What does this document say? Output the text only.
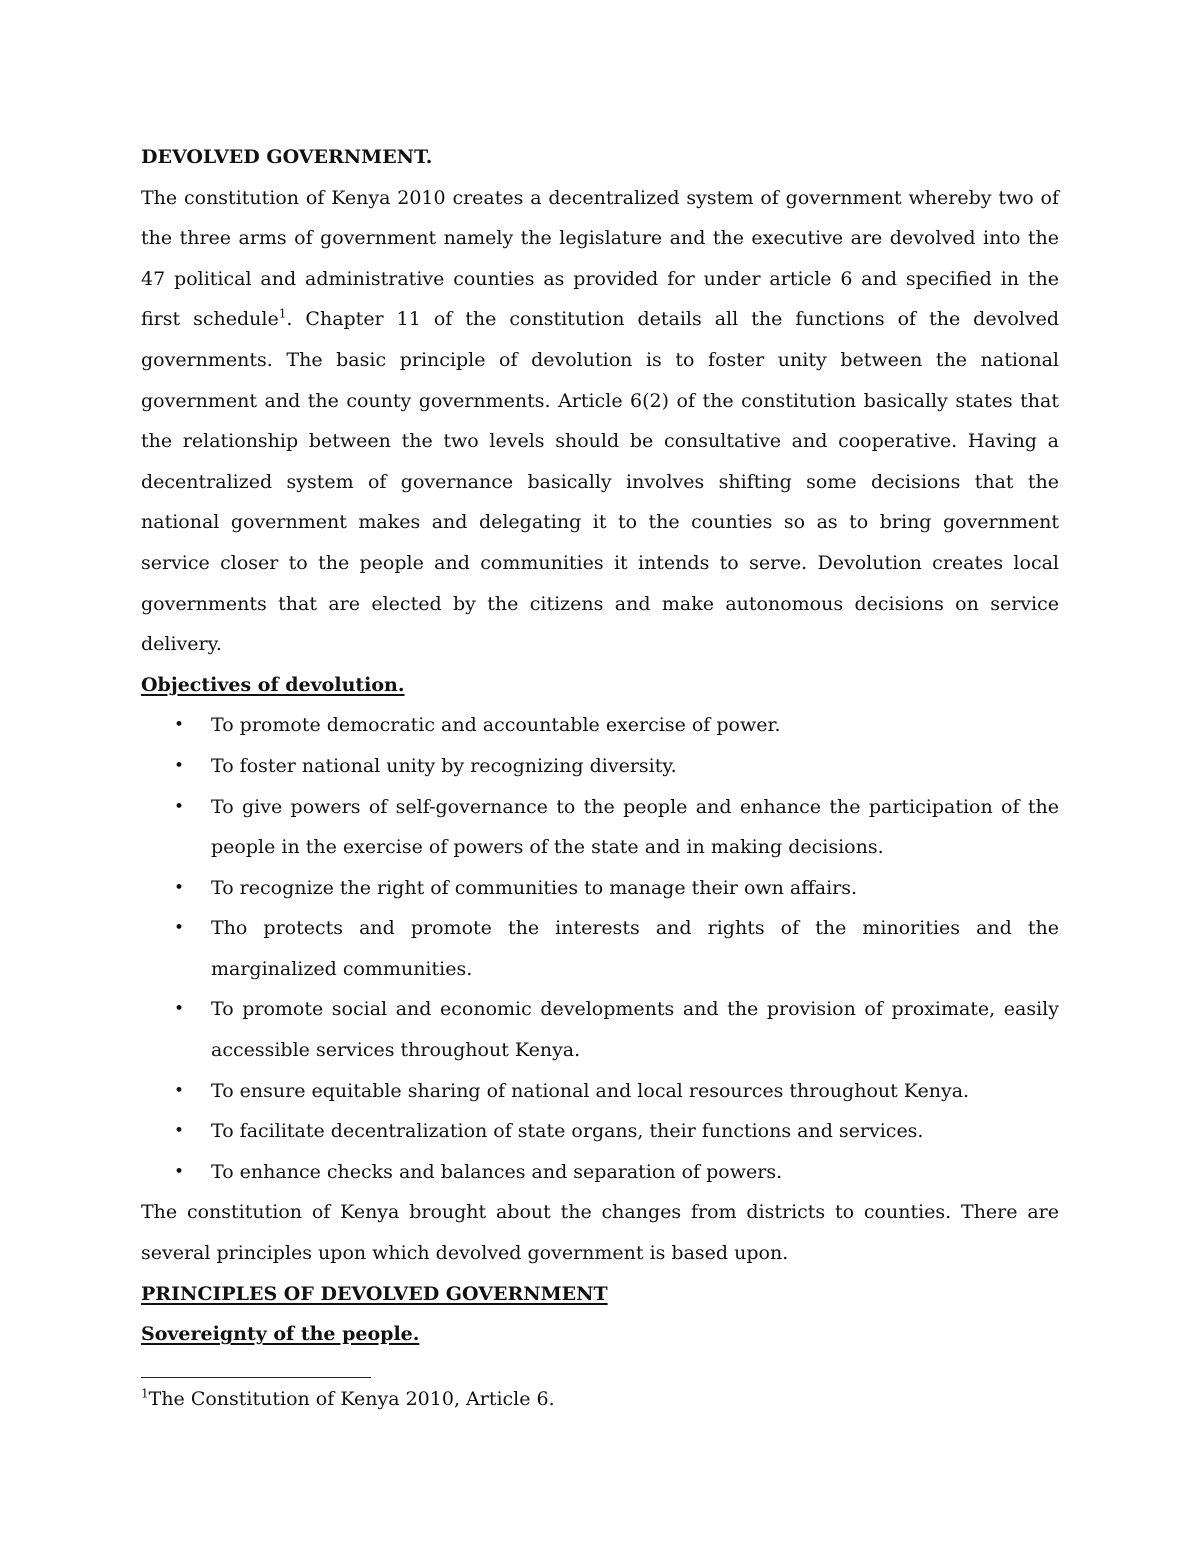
DEVOLVED GOVERNMENT.

The constitution of Kenya 2010 creates a decentralized system of government whereby two of the three arms of government namely the legislature and the executive are devolved into the 47 political and administrative counties as provided for under article 6 and specified in the first schedule$^1$. Chapter 11 of the constitution details all the functions of the devolved governments. The basic principle of devolution is to foster unity between the national government and the county governments. Article 6(2) of the constitution basically states that the relationship between the two levels should be consultative and cooperative. Having a decentralized system of governance basically involves shifting some decisions that the national government makes and delegating it to the counties so as to bring government service closer to the people and communities it intends to serve. Devolution creates local governments that are elected by the citizens and make autonomous decisions on service delivery.

Objectives of devolution.

• To promote democratic and accountable exercise of power.
• To foster national unity by recognizing diversity.
• To give powers of self-governance to the people and enhance the participation of the people in the exercise of powers of the state and in making decisions.
• To recognize the right of communities to manage their own affairs.
• Tho protects and promote the interests and rights of the minorities and the marginalized communities.
• To promote social and economic developments and the provision of proximate, easily accessible services throughout Kenya.
• To ensure equitable sharing of national and local resources throughout Kenya.
• To facilitate decentralization of state organs, their functions and services.
• To enhance checks and balances and separation of powers.

The constitution of Kenya brought about the changes from districts to counties. There are several principles upon which devolved government is based upon.

PRINCIPLES OF DEVOLVED GOVERNMENT

Sovereignty of the people.

$^1$The Constitution of Kenya 2010, Article 6.
